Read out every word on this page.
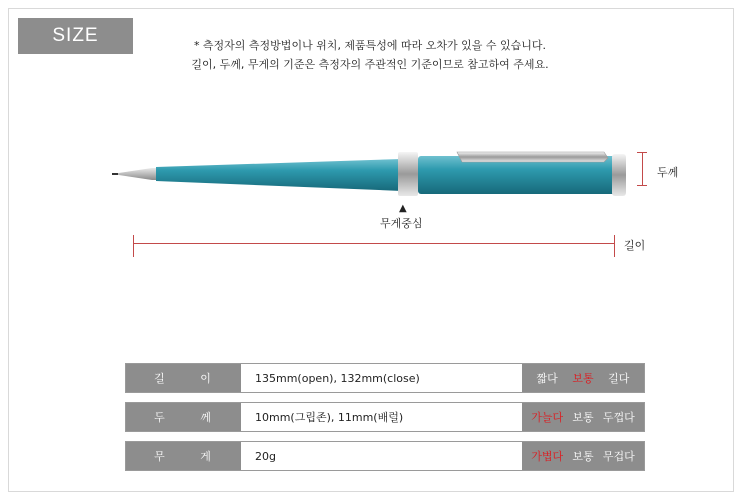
SIZE	* 측정자의 측정방법이나 위치, 제품특성에 따라 오차가 있을 수 있습니다.
길이, 두께, 무게의 기준은 측정자의 주관적인 기준이므로 참고하여 주세요.
두께
▲
무게중심
길이
길 이	135mm(open), 132mm(close)	짧다 보통 길다
두 께	10mm(그립존), 11mm(배럴)	가늘다 보통 두껍다
무 게	20g	가볍다 보통 무겁다
